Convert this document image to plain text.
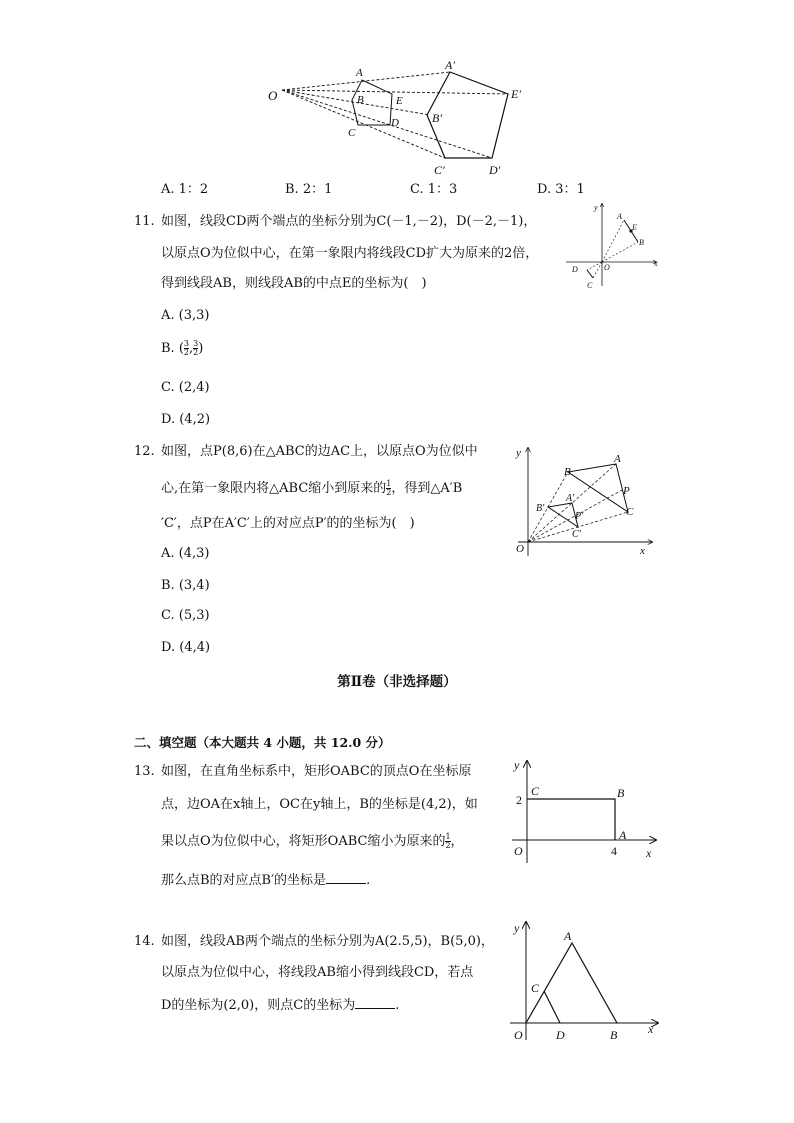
O
A
B
C
D
E
A′
B′
C′	D′
E′
A. 1：2	B. 2：1	C. 1：3	D. 3：1
11. 如图，线段CD两个端点的坐标分别为C(－1,－2)，D(－2,－1)，
以原点O为位似中心，在第一象限内将线段CD扩大为原来的2倍，
得到线段AB，则线段AB的中点E的坐标为(　)
A. (3,3)
B. ( $\frac{3}{2}$ , $\frac{3}{2}$ )
C. (2,4)
D. (4,2)
y
x
O
A
E
B
D
C
12. 如图，点P(8,6)在△ABC的边AC上，以原点O为位似中
心,在第一象限内将△ABC缩小到原来的 $\frac{1}{2}$ ，得到△A′B
′C′，点P在A′C′上的对应点P′的的坐标为(　)
A. (4,3)
B. (3,4)
C. (5,3)
D. (4,4)
y
x
O
A
B
P
C
A′
B′
P′
C′
第Ⅱ卷（非选择题）
二、填空题（本大题共 4 小题，共 12.0 分）
13. 如图，在直角坐标系中，矩形OABC的顶点O在坐标原
点，边OA在x轴上，OC在y轴上，B的坐标是(4,2)，如
果以点O为位似中心，将矩形OABC缩小为原来的 $\frac{1}{2}$ ，
那么点B的对应点B′的坐标是	.
y
x
O
C	B
A
2
4
14. 如图，线段AB两个端点的坐标分别为A(2.5,5)，B(5,0)，
以原点为位似中心，将线段AB缩小得到线段CD，若点
D的坐标为(2,0)，则点C的坐标为	.
y
x
O
A
C
D	B
